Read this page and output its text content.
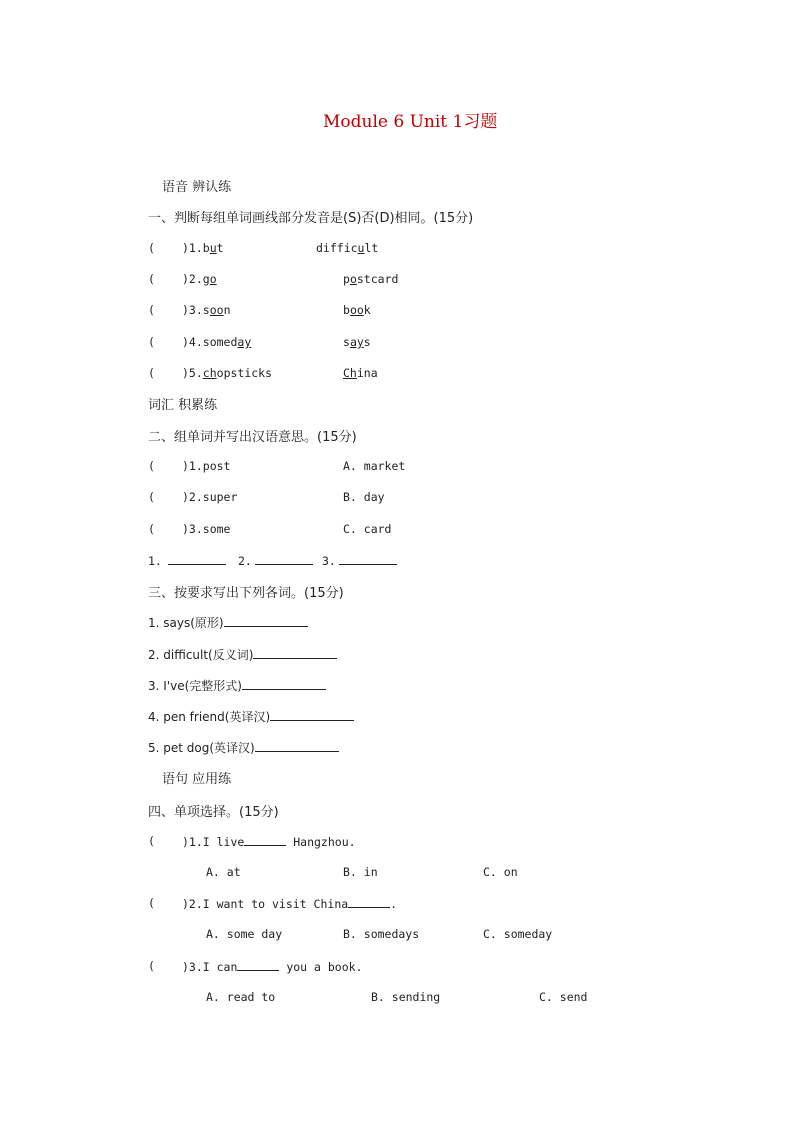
Module 6 Unit 1习题
语音 辨认练
一、判断每组单词画线部分发音是(S)否(D)相同。(15分)
( )1.but	difficult
( )2.go	postcard
( )3.soon	book
( )4.someday	says
( )5.chopsticks	China
词汇 积累练
二、组单词并写出汉语意思。(15分)
( )1.post	A. market
( )2.super	B. day
( )3.some	C. card
1.	2.	3.
三、按要求写出下列各词。(15分)
1. says(原形)
2. difficult(反义词)
3. I've(完整形式)
4. pen friend(英译汉)
5. pet dog(英译汉)
语句 应用练
四、单项选择。(15分)
( )1.I live	Hangzhou.
A. at	B. in	C. on
( )2.I want to visit China	.
A. some day	B. somedays	C. someday
( )3.I can	you a book.
A. read to	B. sending	C. send
